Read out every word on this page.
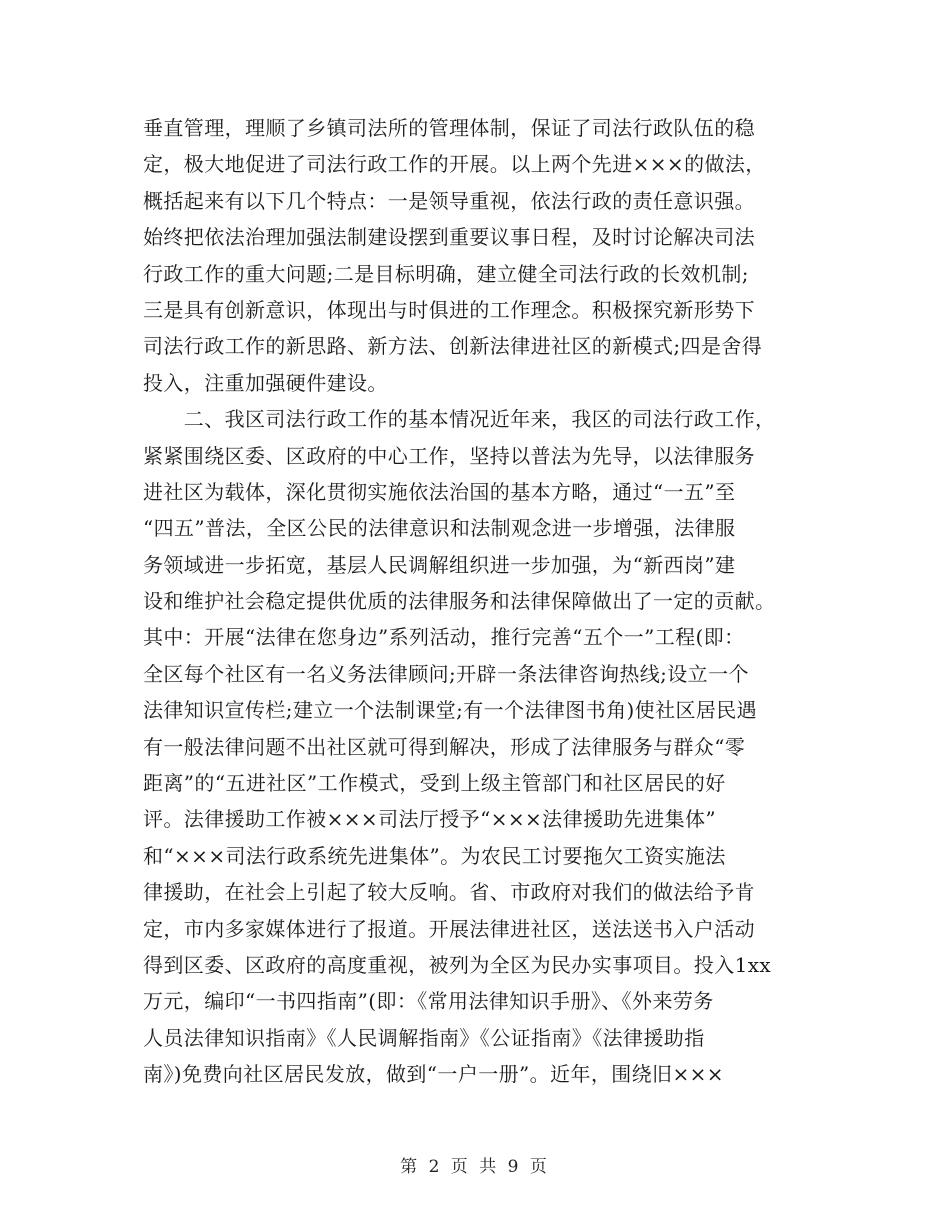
垂直管理，理顺了乡镇司法所的管理体制，保证了司法行政队伍的稳
定，极大地促进了司法行政工作的开展。以上两个先进×××的做法，
概括起来有以下几个特点：一是领导重视，依法行政的责任意识强。
始终把依法治理加强法制建设摆到重要议事日程，及时讨论解决司法
行政工作的重大问题;二是目标明确，建立健全司法行政的长效机制;
三是具有创新意识，体现出与时俱进的工作理念。积极探究新形势下
司法行政工作的新思路、新方法、创新法律进社区的新模式;四是舍得
投入，注重加强硬件建设。
　　二、我区司法行政工作的基本情况近年来，我区的司法行政工作，
紧紧围绕区委、区政府的中心工作，坚持以普法为先导，以法律服务
进社区为载体，深化贯彻实施依法治国的基本方略，通过“一五”至
“四五”普法，全区公民的法律意识和法制观念进一步增强，法律服
务领域进一步拓宽，基层人民调解组织进一步加强，为“新西岗”建
设和维护社会稳定提供优质的法律服务和法律保障做出了一定的贡献。
其中：开展“法律在您身边”系列活动，推行完善“五个一”工程(即：
全区每个社区有一名义务法律顾问;开辟一条法律咨询热线;设立一个
法律知识宣传栏;建立一个法制课堂;有一个法律图书角)使社区居民遇
有一般法律问题不出社区就可得到解决，形成了法律服务与群众“零
距离”的“五进社区”工作模式，受到上级主管部门和社区居民的好
评。法律援助工作被×××司法厅授予“×××法律援助先进集体”
和“×××司法行政系统先进集体”。为农民工讨要拖欠工资实施法
律援助，在社会上引起了较大反响。省、市政府对我们的做法给予肯
定，市内多家媒体进行了报道。开展法律进社区，送法送书入户活动
得到区委、区政府的高度重视，被列为全区为民办实事项目。投入1xx
万元，编印“一书四指南”(即：《常用法律知识手册》、《外来劳务
人员法律知识指南》《人民调解指南》《公证指南》《法律援助指
南》)免费向社区居民发放，做到“一户一册”。近年，围绕旧×××
第 2 页 共 9 页
